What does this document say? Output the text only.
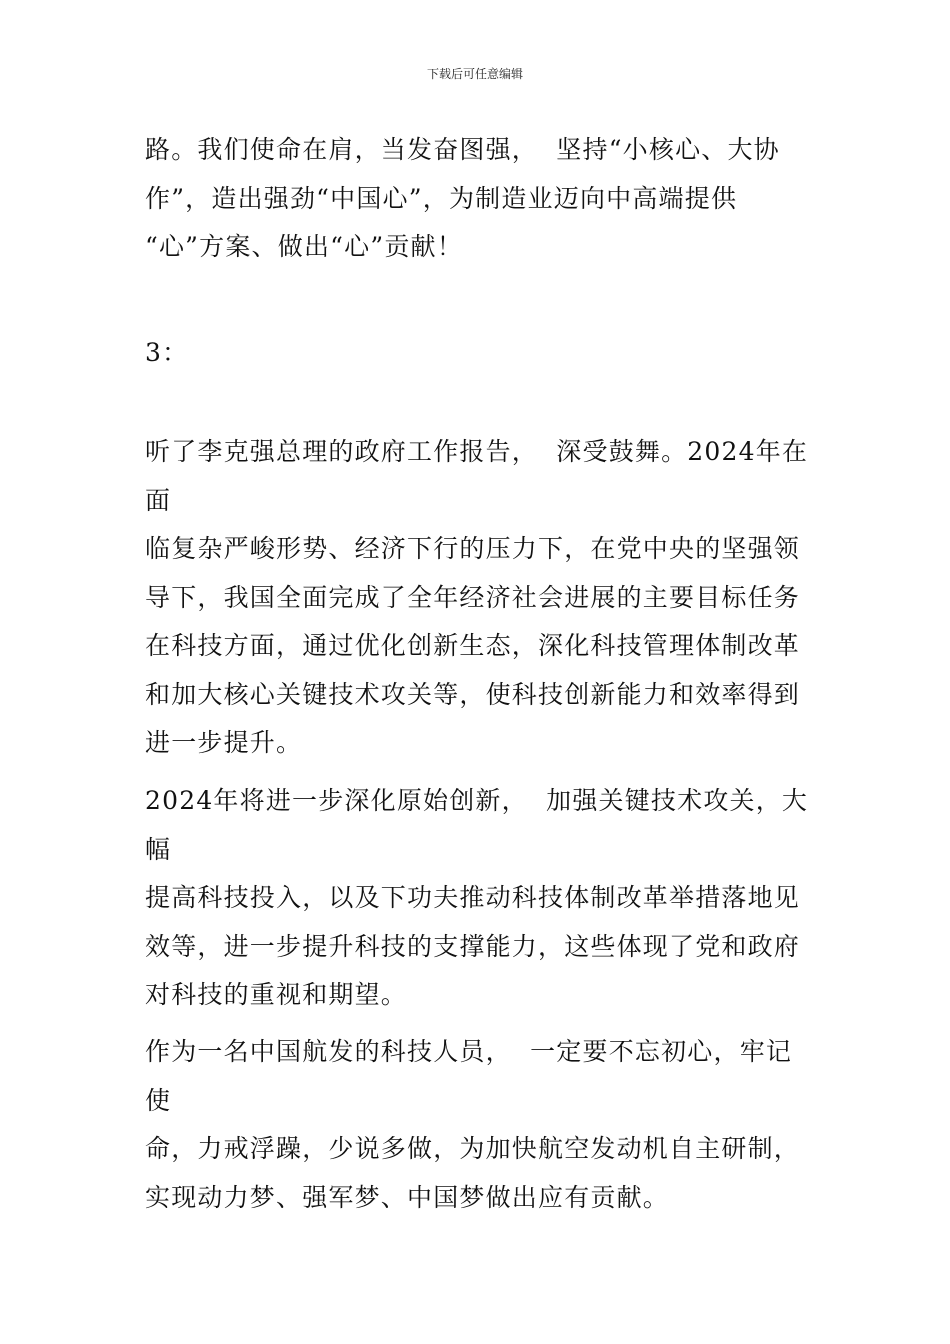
下载后可任意编辑
路。我们使命在肩，当发奋图强，  坚持“小核心、大协
作”，造出强劲“中国心”，为制造业迈向中高端提供
“心”方案、做出“心”贡献！
3：
听了李克强总理的政府工作报告，  深受鼓舞。2024年在面
临复杂严峻形势、经济下行的压力下，在党中央的坚强领
导下，我国全面完成了全年经济社会进展的主要目标任务
在科技方面，通过优化创新生态，深化科技管理体制改革
和加大核心关键技术攻关等，使科技创新能力和效率得到
进一步提升。
2024年将进一步深化原始创新，  加强关键技术攻关，大幅
提高科技投入，以及下功夫推动科技体制改革举措落地见
效等，进一步提升科技的支撑能力，这些体现了党和政府
对科技的重视和期望。
作为一名中国航发的科技人员，  一定要不忘初心，牢记使
命，力戒浮躁，少说多做，为加快航空发动机自主研制，
实现动力梦、强军梦、中国梦做出应有贡献。
